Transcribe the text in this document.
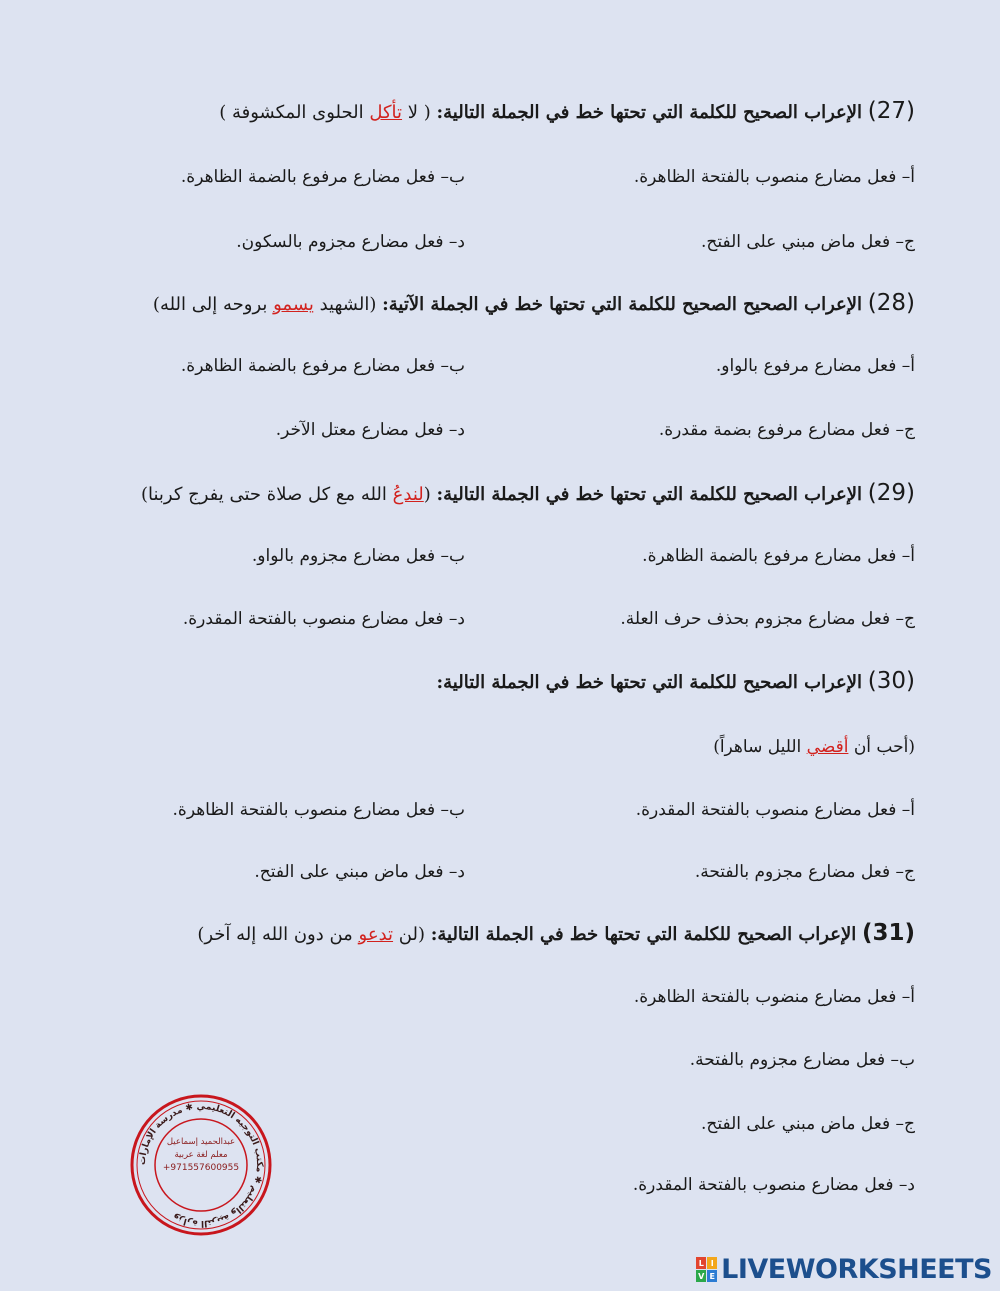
(27) الإعراب الصحيح للكلمة التي تحتها خط في الجملة التالية: ( لا تأكل الحلوى المكشوفة )
أ– فعل مضارع منصوب بالفتحة الظاهرة.
ب– فعل مضارع مرفوع بالضمة الظاهرة.
ج– فعل ماض مبني على الفتح.
د– فعل مضارع مجزوم بالسكون.
(28) الإعراب الصحيح الصحيح للكلمة التي تحتها خط في الجملة الآتية: (الشهيد يسمو بروحه إلى الله)
أ– فعل مضارع مرفوع بالواو.
ب– فعل مضارع مرفوع بالضمة الظاهرة.
ج– فعل مضارع مرفوع بضمة مقدرة.
د– فعل مضارع معتل الآخر.
(29) الإعراب الصحيح للكلمة التي تحتها خط في الجملة التالية: (لندعُ الله مع كل صلاة حتى يفرج كربنا)
أ– فعل مضارع مرفوع بالضمة الظاهرة.
ب– فعل مضارع مجزوم بالواو.
ج– فعل مضارع مجزوم بحذف حرف العلة.
د– فعل مضارع منصوب بالفتحة المقدرة.
(30) الإعراب الصحيح للكلمة التي تحتها خط في الجملة التالية:
(أحب أن أقضي الليل ساهراً)
أ– فعل مضارع منصوب بالفتحة المقدرة.
ب– فعل مضارع منصوب بالفتحة الظاهرة.
ج– فعل مضارع مجزوم بالفتحة.
د– فعل ماض مبني على الفتح.
(31) الإعراب الصحيح للكلمة التي تحتها خط في الجملة التالية: (لن تدعو من دون الله إله آخر)
أ– فعل مضارع منضوب بالفتحة الظاهرة.
ب– فعل مضارع مجزوم بالفتحة.
ج– فعل ماض مبني على الفتح.
د– فعل مضارع منصوب بالفتحة المقدرة.
وزارة التربية والتعليم ✱ مكتب التوجيه التعليمي ✱ مدرسة الإمارات
عبدالحميد إسماعيل
معلم لغة عربية
+971557600955
L I
V E LIVEWORKSHEETS
